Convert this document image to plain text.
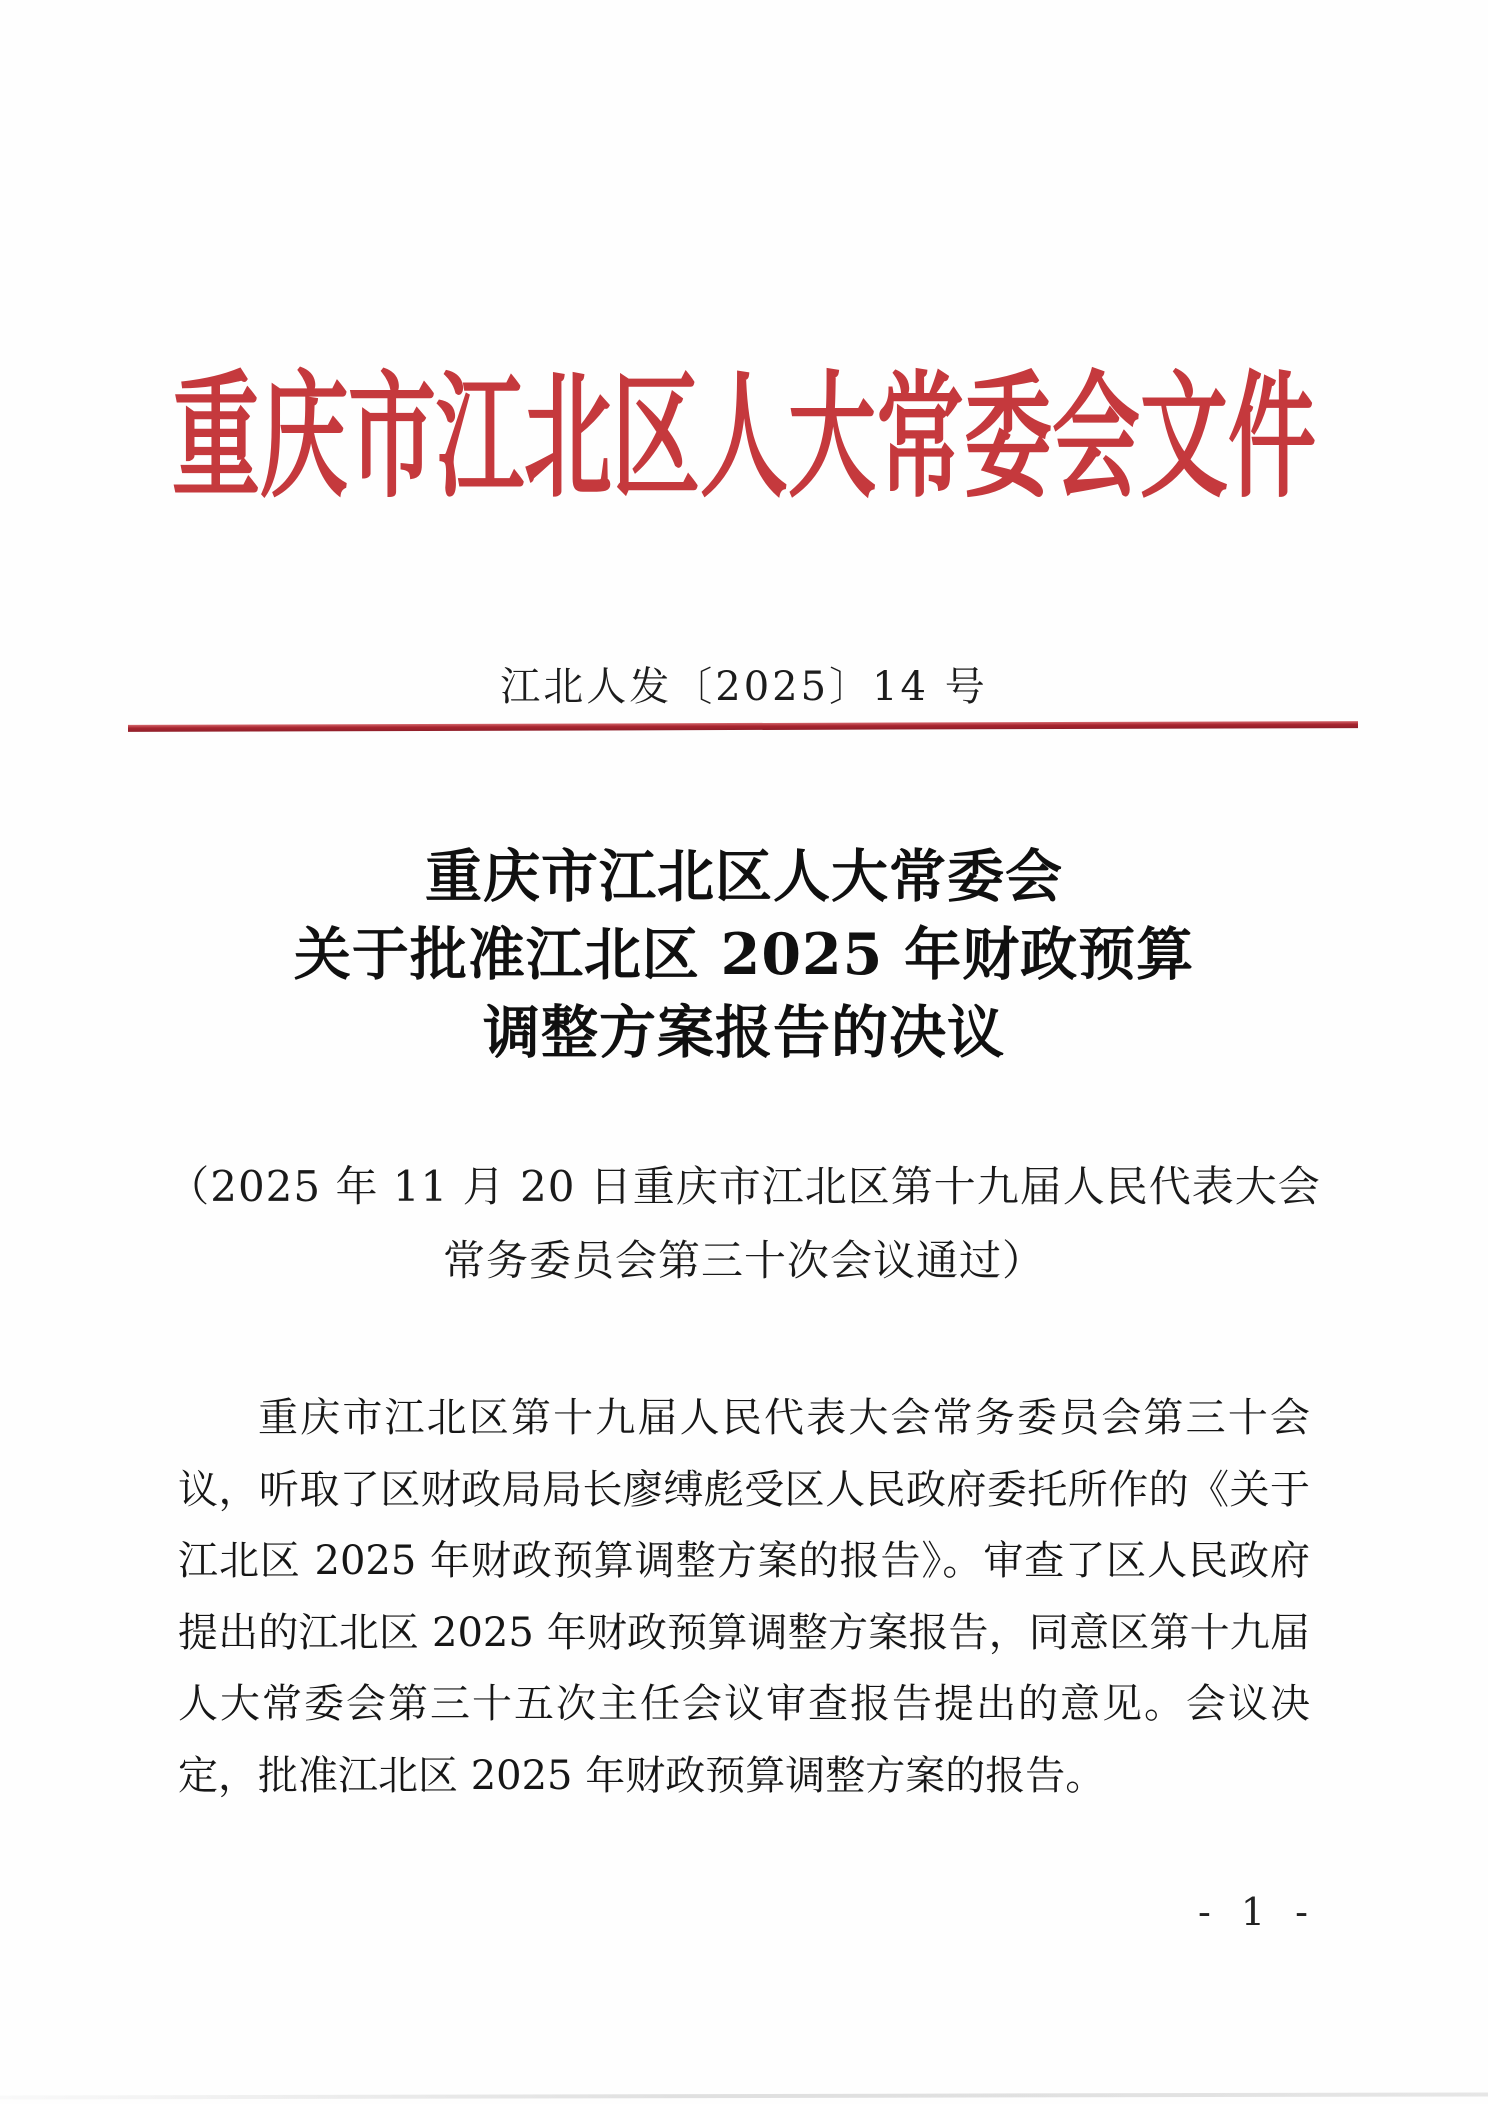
重庆市江北区人大常委会文件
江北人发〔2025〕14 号
重庆市江北区人大常委会
关于批准江北区 2025 年财政预算
调整方案报告的决议
（2025 年 11 月 20 日重庆市江北区第十九届人民代表大会
常务委员会第三十次会议通过）

重庆市江北区第十九届人民代表大会常务委员会第三十会议，听取了区财政局局长廖缚彪受区人民政府委托所作的《关于江北区 2025 年财政预算调整方案的报告》。审查了区人民政府提出的江北区 2025 年财政预算调整方案报告，同意区第十九届人大常委会第三十五次主任会议审查报告提出的意见。会议决定，批准江北区 2025 年财政预算调整方案的报告。

- 1 -
